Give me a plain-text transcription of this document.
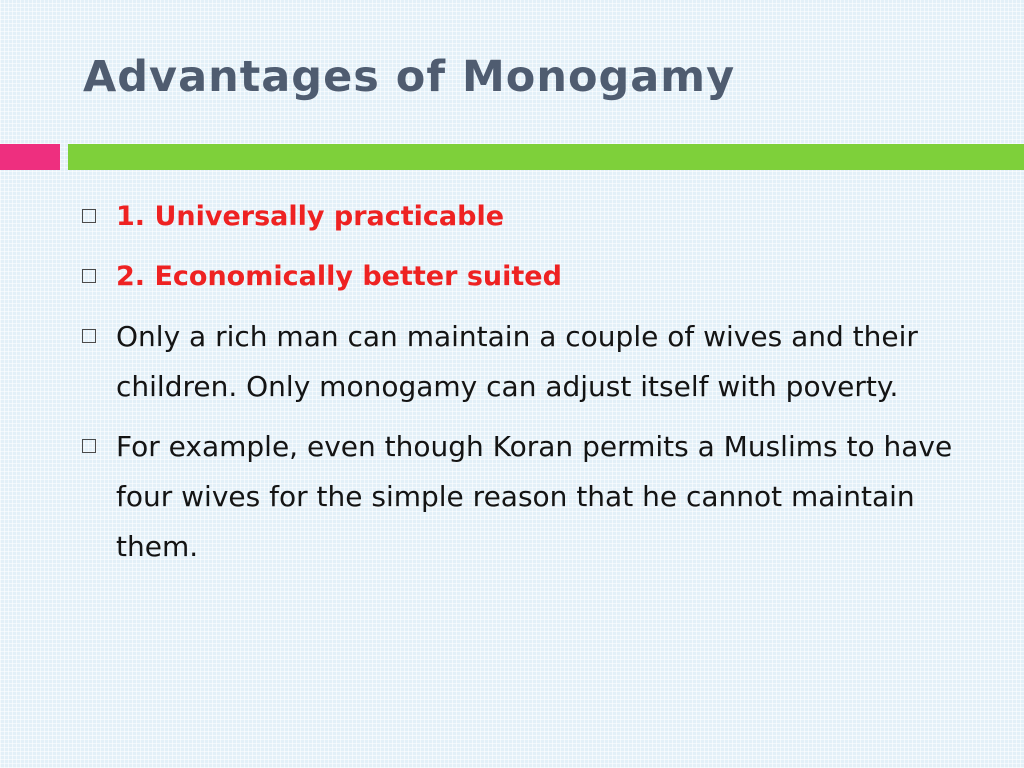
Advantages of Monogamy
1. Universally practicable
2. Economically better suited
Only a rich man can maintain a couple of wives and their children. Only monogamy can adjust itself with poverty.
For example, even though Koran permits a Muslims to have four wives for the simple reason that he cannot maintain them.
